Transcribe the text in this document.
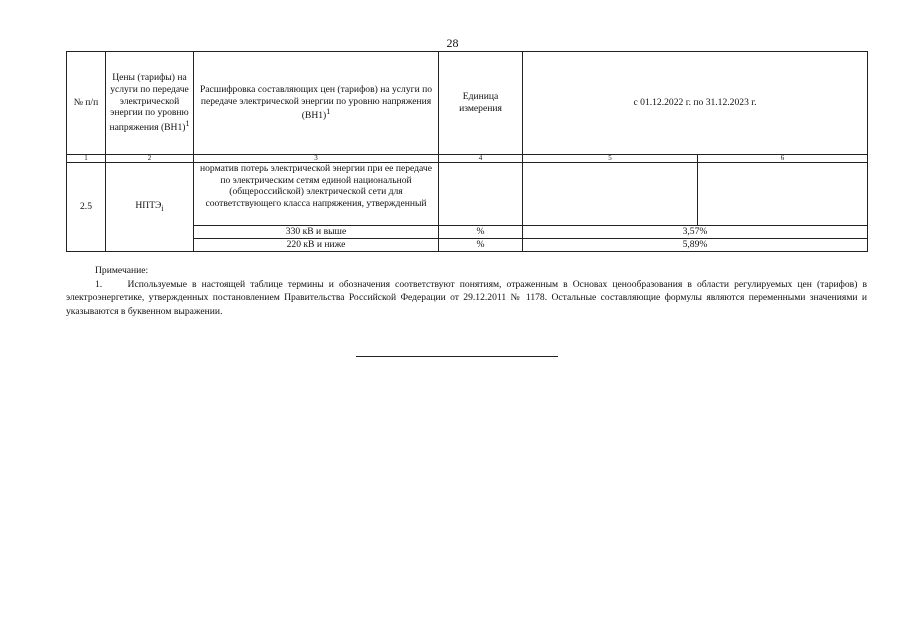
28
№ п/п	Цены (тарифы) на услуги по передаче электрической энергии по уровню напряжения $(ВН1)^1$	Расшифровка составляющих цен (тарифов) на услуги по передаче электрической энергии по уровню напряжения $(ВН1)^1$	Единица измерения	с 01.12.2022 г. по 31.12.2023 г.	
1	2	3	4	5	6
2.5	$НПТЭ_i$	норматив потерь электрической энергии при ее передаче по электрическим сетям единой национальной (общероссийской) электрической сети для соответствующего класса напряжения, утвержденный			
		330 кВ и выше	%	3,57%	
		220 кВ и ниже	%	5,89%	

Примечание:

1.	Используемые в настоящей таблице термины и обозначения соответствуют понятиям, отраженным в Основах ценообразования в области регулируемых цен (тарифов) в электроэнергетике, утвержденных постановлением Правительства Российской Федерации от 29.12.2011 № 1178. Остальные составляющие формулы являются переменными значениями и указываются в буквенном выражении.
